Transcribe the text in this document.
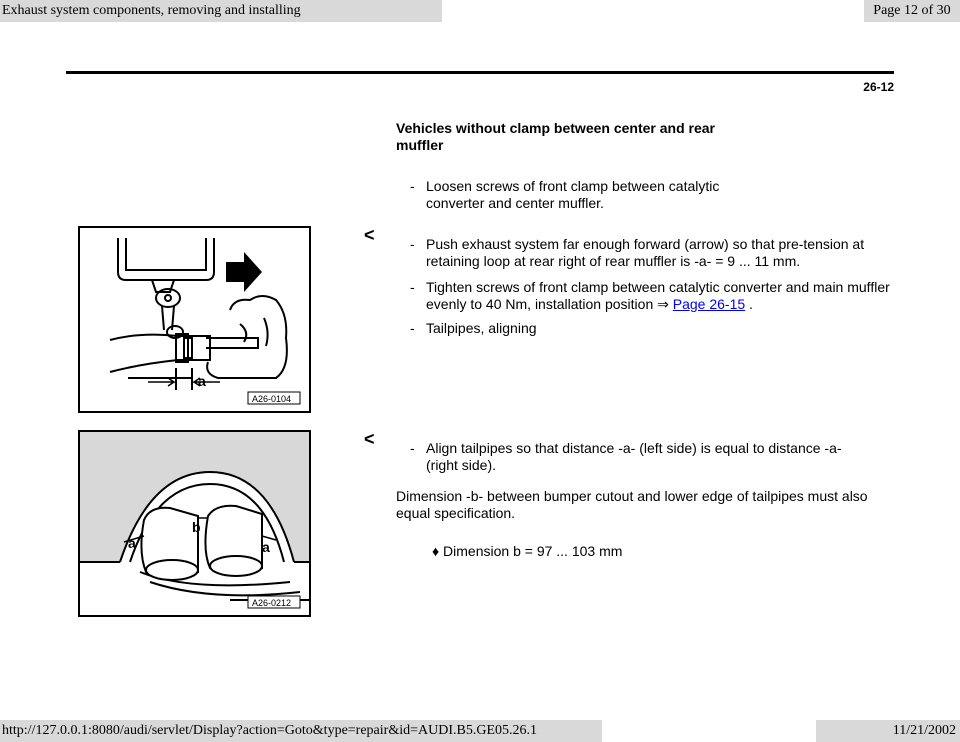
Exhaust system components, removing and installing	Page 12 of 30
26-12
Vehicles without clamp between center and rear muffler
- Loosen screws of front clamp between catalytic converter and center muffler.
a
A26-0104
<	- Push exhaust system far enough forward (arrow) so that pre-tension at retaining loop at rear right of rear muffler is -a- = 9 ... 11 mm.
- Tighten screws of front clamp between catalytic converter and main muffler evenly to 40 Nm, installation position ⇒ Page 26-15 .
- Tailpipes, aligning
a
b
a
A26-0212
<	- Align tailpipes so that distance -a- (left side) is equal to distance -a- (right side).
Dimension -b- between bumper cutout and lower edge of tailpipes must also equal specification.
♦ Dimension b = 97 ... 103 mm
http://127.0.0.1:8080/audi/servlet/Display?action=Goto&type=repair&id=AUDI.B5.GE05.26.1	11/21/2002
